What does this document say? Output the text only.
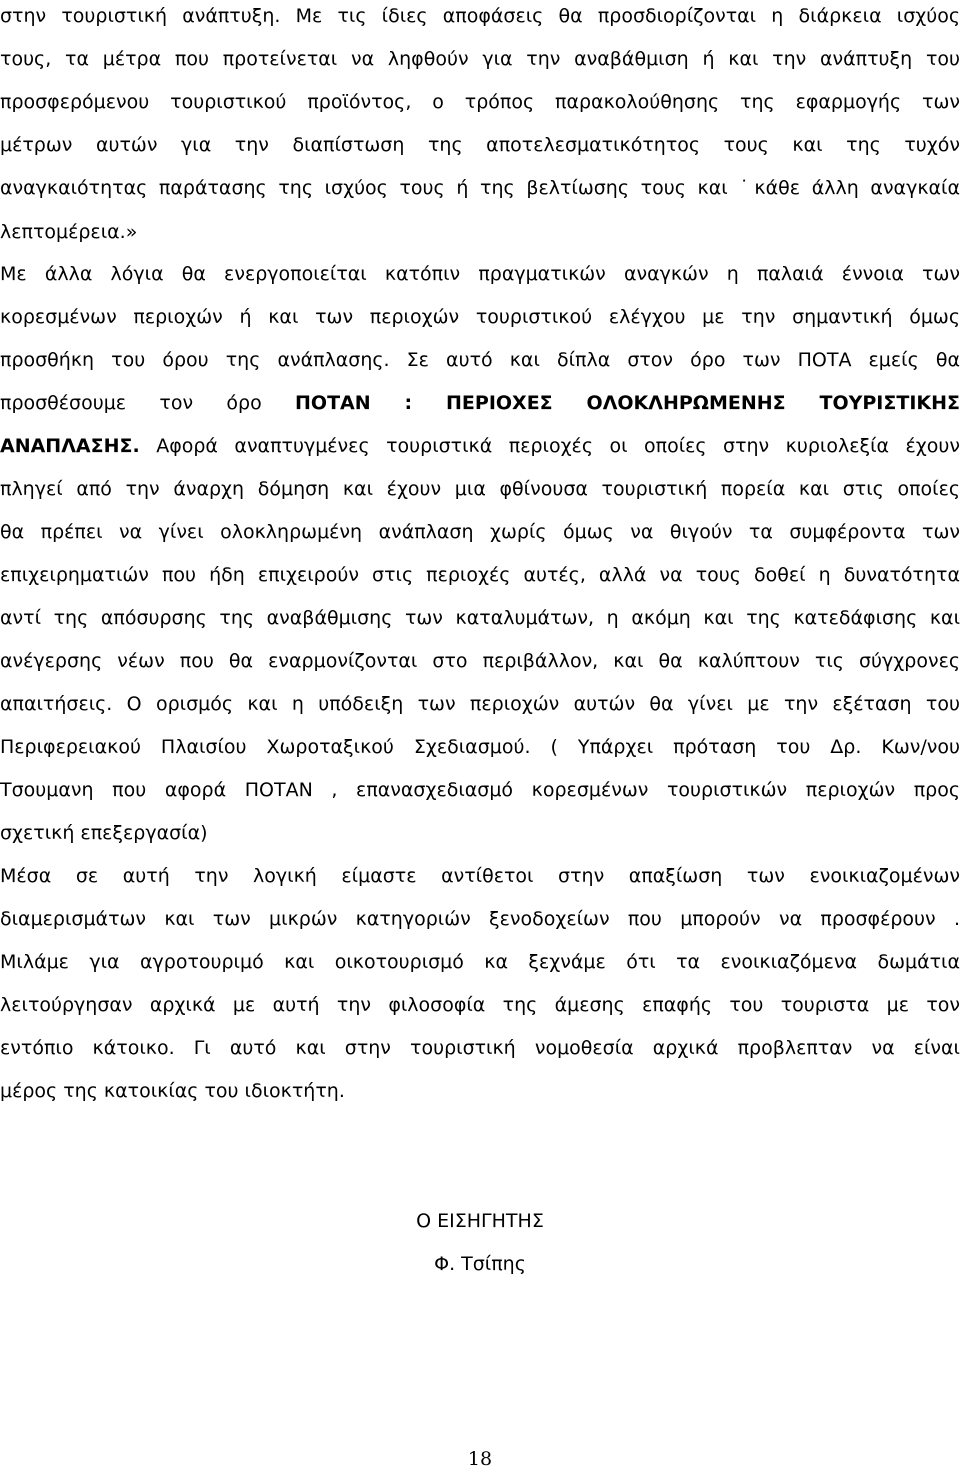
στην τουριστική ανάπτυξη. Με τις ίδιες αποφάσεις θα προσδιορίζονται η διάρκεια ισχύος
τους, τα μέτρα που προτείνεται να ληφθούν για την αναβάθμιση ή και την ανάπτυξη του
προσφερόμενου τουριστικού προϊόντος, ο τρόπος παρακολούθησης της εφαρμογής των
μέτρων αυτών για την διαπίστωση της αποτελεσματικότητος τους και της τυχόν
αναγκαιότητας παράτασης της ισχύος τους ή της βελτίωσης τους και ˙κάθε άλλη αναγκαία
λεπτομέρεια.»
Με άλλα λόγια θα ενεργοποιείται κατόπιν πραγματικών αναγκών η παλαιά έννοια των
κορεσμένων περιοχών ή και των περιοχών τουριστικού ελέγχου με την σημαντική όμως
προσθήκη του όρου της ανάπλασης. Σε αυτό και δίπλα στον όρο των ΠΟΤΑ εμείς θα
προσθέσουμε τον όρο ΠΟΤΑΝ : ΠΕΡΙΟΧΕΣ ΟΛΟΚΛΗΡΩΜΕΝΗΣ ΤΟΥΡΙΣΤΙΚΗΣ
ΑΝΑΠΛΑΣΗΣ. Αφορά αναπτυγμένες τουριστικά περιοχές οι οποίες στην κυριολεξία έχουν
πληγεί από την άναρχη δόμηση και έχουν μια φθίνουσα τουριστική πορεία και στις οποίες
θα πρέπει να γίνει ολοκληρωμένη ανάπλαση χωρίς όμως να θιγούν τα συμφέροντα των
επιχειρηματιών που ήδη επιχειρούν στις περιοχές αυτές, αλλά να τους δοθεί η δυνατότητα
αντί της απόσυρσης της αναβάθμισης των καταλυμάτων, η ακόμη και της κατεδάφισης και
ανέγερσης νέων που θα εναρμονίζονται στο περιβάλλον, και θα καλύπτουν τις σύγχρονες
απαιτήσεις. Ο ορισμός και η υπόδειξη των περιοχών αυτών θα γίνει με την εξέταση του
Περιφερειακού Πλαισίου Χωροταξικού Σχεδιασμού. ( Υπάρχει πρόταση του Δρ. Κων/νου
Τσουμανη που αφορά ΠΟΤΑΝ , επανασχεδιασμό κορεσμένων τουριστικών περιοχών προς
σχετική επεξεργασία)
Μέσα σε αυτή την λογική είμαστε αντίθετοι στην απαξίωση των ενοικιαζομένων
διαμερισμάτων και των μικρών κατηγοριών ξενοδοχείων που μπορούν να προσφέρουν .
Μιλάμε για αγροτουριμό και οικοτουρισμό κα ξεχνάμε ότι τα ενοικιαζόμενα δωμάτια
λειτούργησαν αρχικά με αυτή την φιλοσοφία της άμεσης επαφής του τουριστα με τον
εντόπιο κάτοικο. Γι αυτό και στην τουριστική νομοθεσία αρχικά προβλεπταν να είναι
μέρος της κατοικίας του ιδιοκτήτη.
Ο ΕΙΣΗΓΗΤΗΣ
Φ. Τσίπης
18
